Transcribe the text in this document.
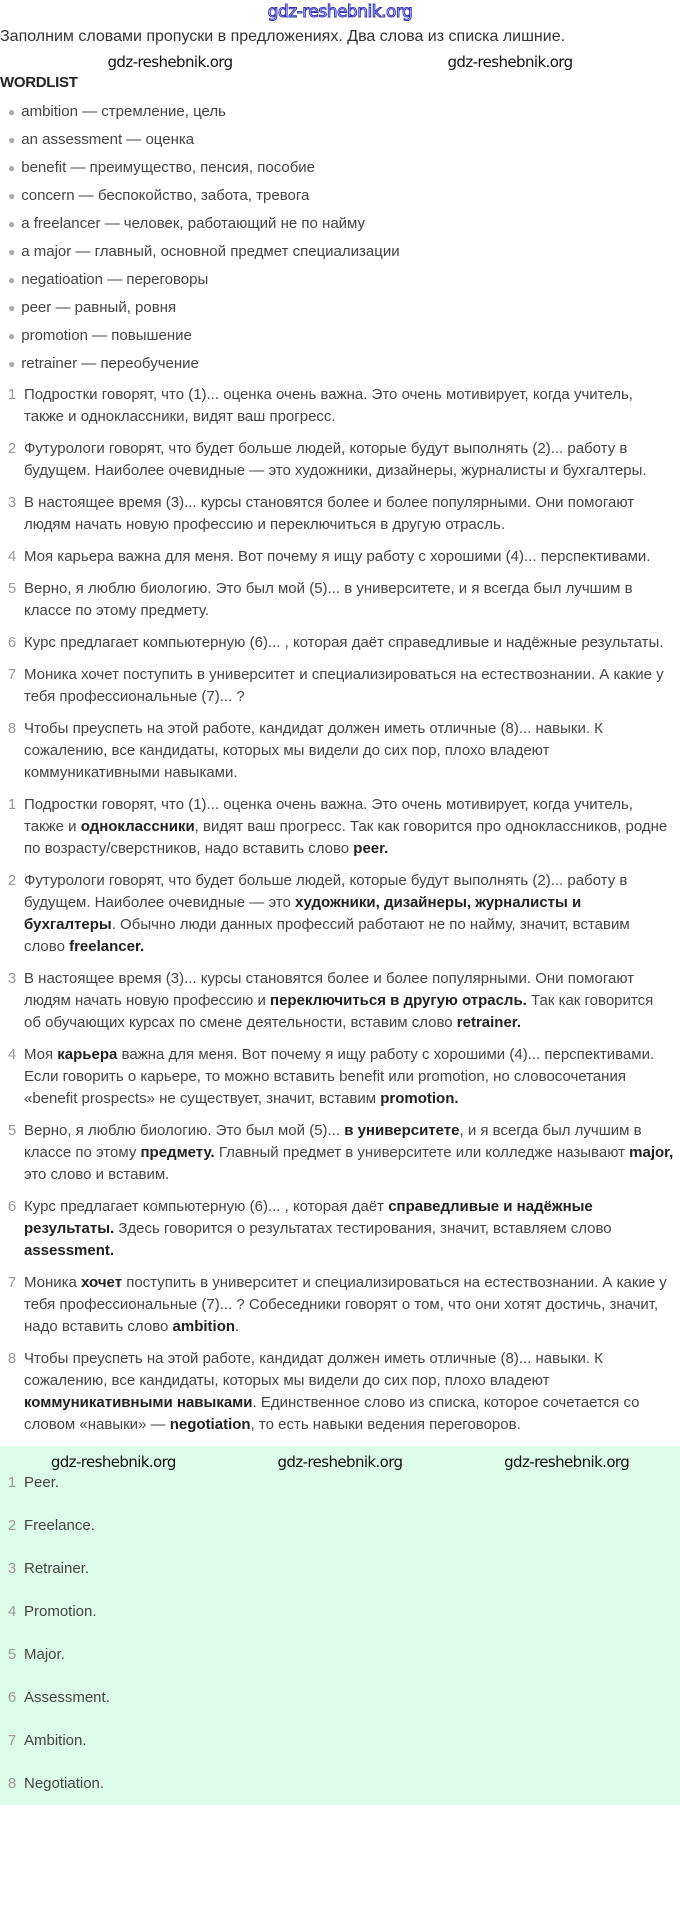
gdz-reshebnik.org
Заполним словами пропуски в предложениях. Два слова из списка лишние.
gdz-reshebnik.org	gdz-reshebnik.org
WORDLIST
● ambition — стремление, цель
● an assessment — оценка
● benefit — преимущество, пенсия, пособие
● concern — беспокойство, забота, тревога
● a freelancer — человек, работающий не по найму
● a major — главный, основной предмет специализации
● negatioation — переговоры
● peer — равный, ровня
● promotion — повышение
● retrainer — переобучение
1 Подростки говорят, что (1)... оценка очень важна. Это очень мотивирует, когда учитель, также и одноклассники, видят ваш прогресс.
2 Футурологи говорят, что будет больше людей, которые будут выполнять (2)... работу в будущем. Наиболее очевидные — это художники, дизайнеры, журналисты и бухгалтеры.
3 В настоящее время (3)... курсы становятся более и более популярными. Они помогают людям начать новую профессию и переключиться в другую отрасль.
4 Моя карьера важна для меня. Вот почему я ищу работу с хорошими (4)... перспективами.
5 Верно, я люблю биологию. Это был мой (5)... в университете, и я всегда был лучшим в классе по этому предмету.
6 Курс предлагает компьютерную (6)... , которая даёт справедливые и надёжные результаты.
7 Моника хочет поступить в университет и специализироваться на естествознании. А какие у тебя профессиональные (7)... ?
8 Чтобы преуспеть на этой работе, кандидат должен иметь отличные (8)... навыки. К сожалению, все кандидаты, которых мы видели до сих пор, плохо владеют коммуникативными навыками.
1 Подростки говорят, что (1)... оценка очень важна. Это очень мотивирует, когда учитель, также и одноклассники, видят ваш прогресс. Так как говорится про одноклассников, родне по возрасту/сверстников, надо вставить слово peer.
2 Футурологи говорят, что будет больше людей, которые будут выполнять (2)... работу в будущем. Наиболее очевидные — это художники, дизайнеры, журналисты и бухгалтеры. Обычно люди данных профессий работают не по найму, значит, вставим слово freelancer.
3 В настоящее время (3)... курсы становятся более и более популярными. Они помогают людям начать новую профессию и переключиться в другую отрасль. Так как говорится об обучающих курсах по смене деятельности, вставим слово retrainer.
4 Моя карьера важна для меня. Вот почему я ищу работу с хорошими (4)... перспективами. Если говорить о карьере, то можно вставить benefit или promotion, но словосочетания «benefit prospects» не существует, значит, вставим promotion.
5 Верно, я люблю биологию. Это был мой (5)... в университете, и я всегда был лучшим в классе по этому предмету. Главный предмет в университете или колледже называют major, это слово и вставим.
6 Курс предлагает компьютерную (6)... , которая даёт справедливые и надёжные результаты. Здесь говорится о результатах тестирования, значит, вставляем слово assessment.
7 Моника хочет поступить в университет и специализироваться на естествознании. А какие у тебя профессиональные (7)... ? Собеседники говорят о том, что они хотят достичь, значит, надо вставить слово ambition.
8 Чтобы преуспеть на этой работе, кандидат должен иметь отличные (8)... навыки. К сожалению, все кандидаты, которых мы видели до сих пор, плохо владеют коммуникативными навыками. Единственное слово из списка, которое сочетается со словом «навыки» — negotiation, то есть навыки ведения переговоров.
gdz-reshebnik.org	gdz-reshebnik.org	gdz-reshebnik.org
1 Peer.
2 Freelance.
3 Retrainer.
4 Promotion.
5 Major.
6 Assessment.
7 Ambition.
8 Negotiation.
